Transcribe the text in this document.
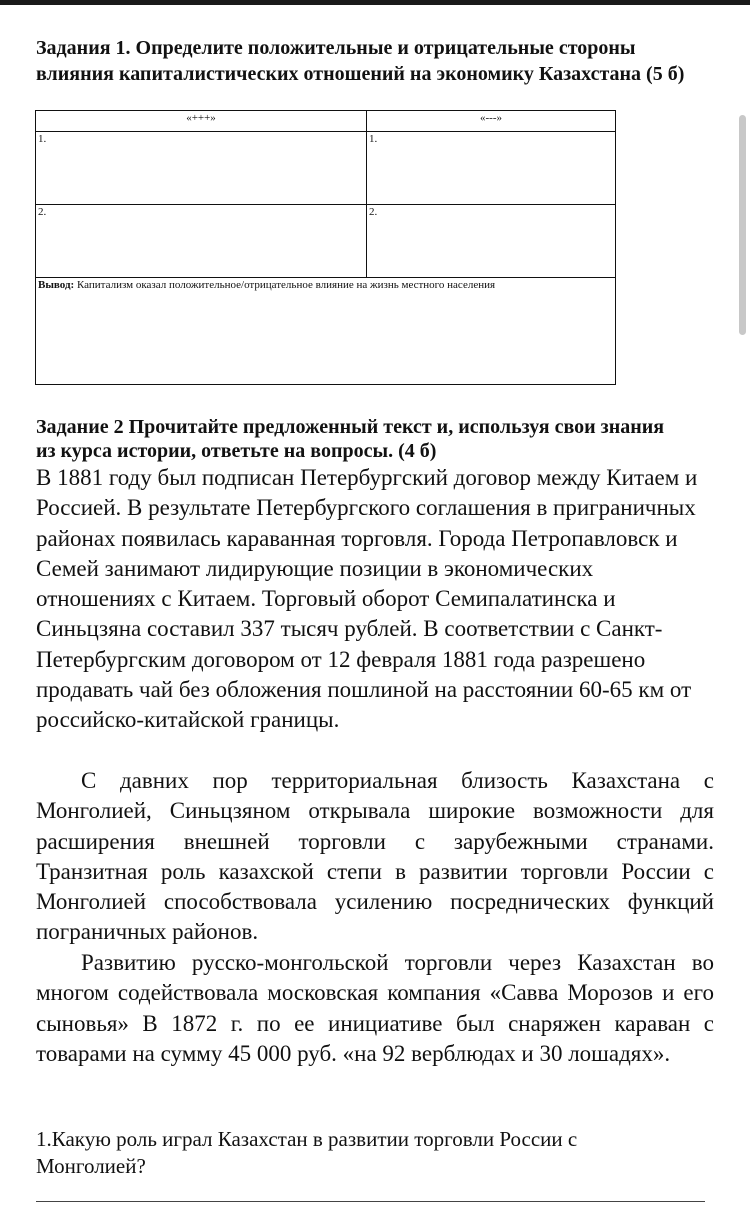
Задания 1. Определите положительные и отрицательные стороны влияния капиталистических отношений на экономику Казахстана (5 б)
«+++»	«---»
1.	1.
2.	2.
Вывод: Капитализм оказал положительное/отрицательное влияние на жизнь местного населения	
Задание 2 Прочитайте предложенный текст и, используя свои знания из курса истории, ответьте на вопросы. (4 б)

В 1881 году был подписан Петербургский договор между Китаем и Россией. В результате Петербургского соглашения в приграничных районах появилась караванная торговля. Города Петропавловск и Семей занимают лидирующие позиции в экономических отношениях с Китаем. Торговый оборот Семипалатинска и Синьцзяна составил 337 тысяч рублей. В соответствии с Санкт-Петербургским договором от 12 февраля 1881 года разрешено продавать чай без обложения пошлиной на расстоянии 60-65 км от российско-китайской границы.

С давних пор территориальная близость Казахстана с Монголией, Синьцзяном открывала широкие возможности для расширения внешней торговли с зарубежными странами. Транзитная роль казахской степи в развитии торговли России с Монголией способствовала усилению посреднических функций пограничных районов.

Развитию русско-монгольской торговли через Казахстан во многом содействовала московская компания «Савва Морозов и его сыновья» В 1872 г. по ее инициативе был снаряжен караван с товарами на сумму 45 000 руб. «на 92 верблюдах и 30 лошадях».

1.Какую роль играл Казахстан в развитии торговли России с Монголией?
